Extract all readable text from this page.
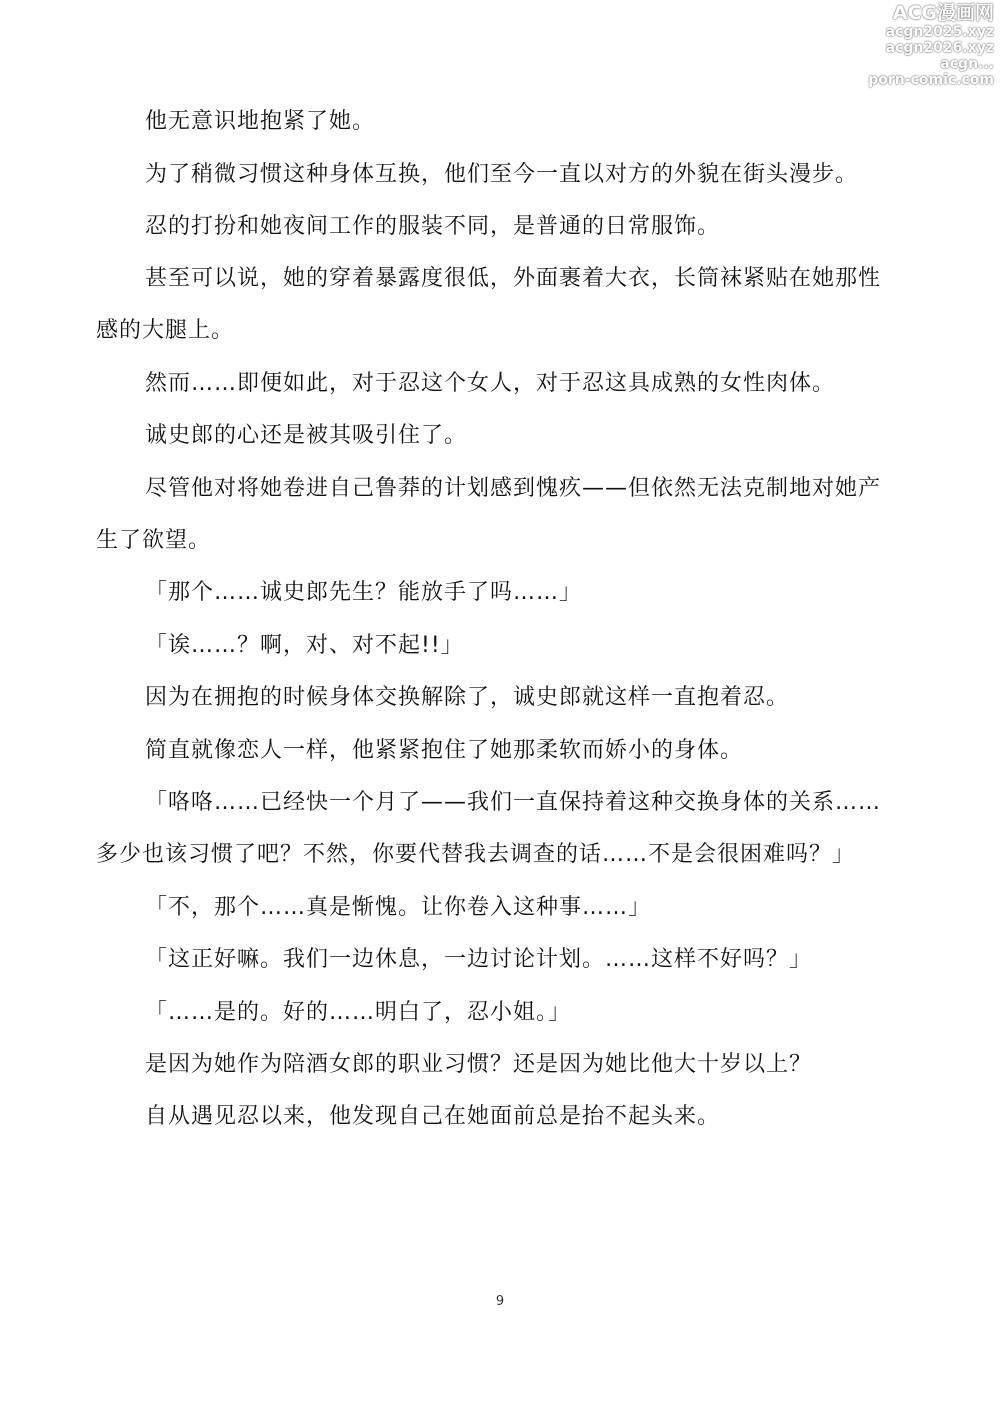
ACG漫画网
acgn2025.xyz
acgn2026.xyz
acgn...
porn-comic.com

他无意识地抱紧了她。

为了稍微习惯这种身体互换，他们至今一直以对方的外貌在街头漫步。

忍的打扮和她夜间工作的服装不同，是普通的日常服饰。

甚至可以说，她的穿着暴露度很低，外面裹着大衣，长筒袜紧贴在她那性

感的大腿上。

然而……即便如此，对于忍这个女人，对于忍这具成熟的女性肉体。

诚史郎的心还是被其吸引住了。

尽管他对将她卷进自己鲁莽的计划感到愧疚——但依然无法克制地对她产

生了欲望。

「那个……诚史郎先生？能放手了吗……」

「诶……？啊，对、对不起!!」

因为在拥抱的时候身体交换解除了，诚史郎就这样一直抱着忍。

简直就像恋人一样，他紧紧抱住了她那柔软而娇小的身体。

「咯咯……已经快一个月了——我们一直保持着这种交换身体的关系……

多少也该习惯了吧？不然，你要代替我去调查的话……不是会很困难吗？」

「不，那个……真是惭愧。让你卷入这种事……」

「这正好嘛。我们一边休息，一边讨论计划。……这样不好吗？」

「……是的。好的……明白了，忍小姐。」

是因为她作为陪酒女郎的职业习惯？还是因为她比他大十岁以上？

自从遇见忍以来，他发现自己在她面前总是抬不起头来。

9
